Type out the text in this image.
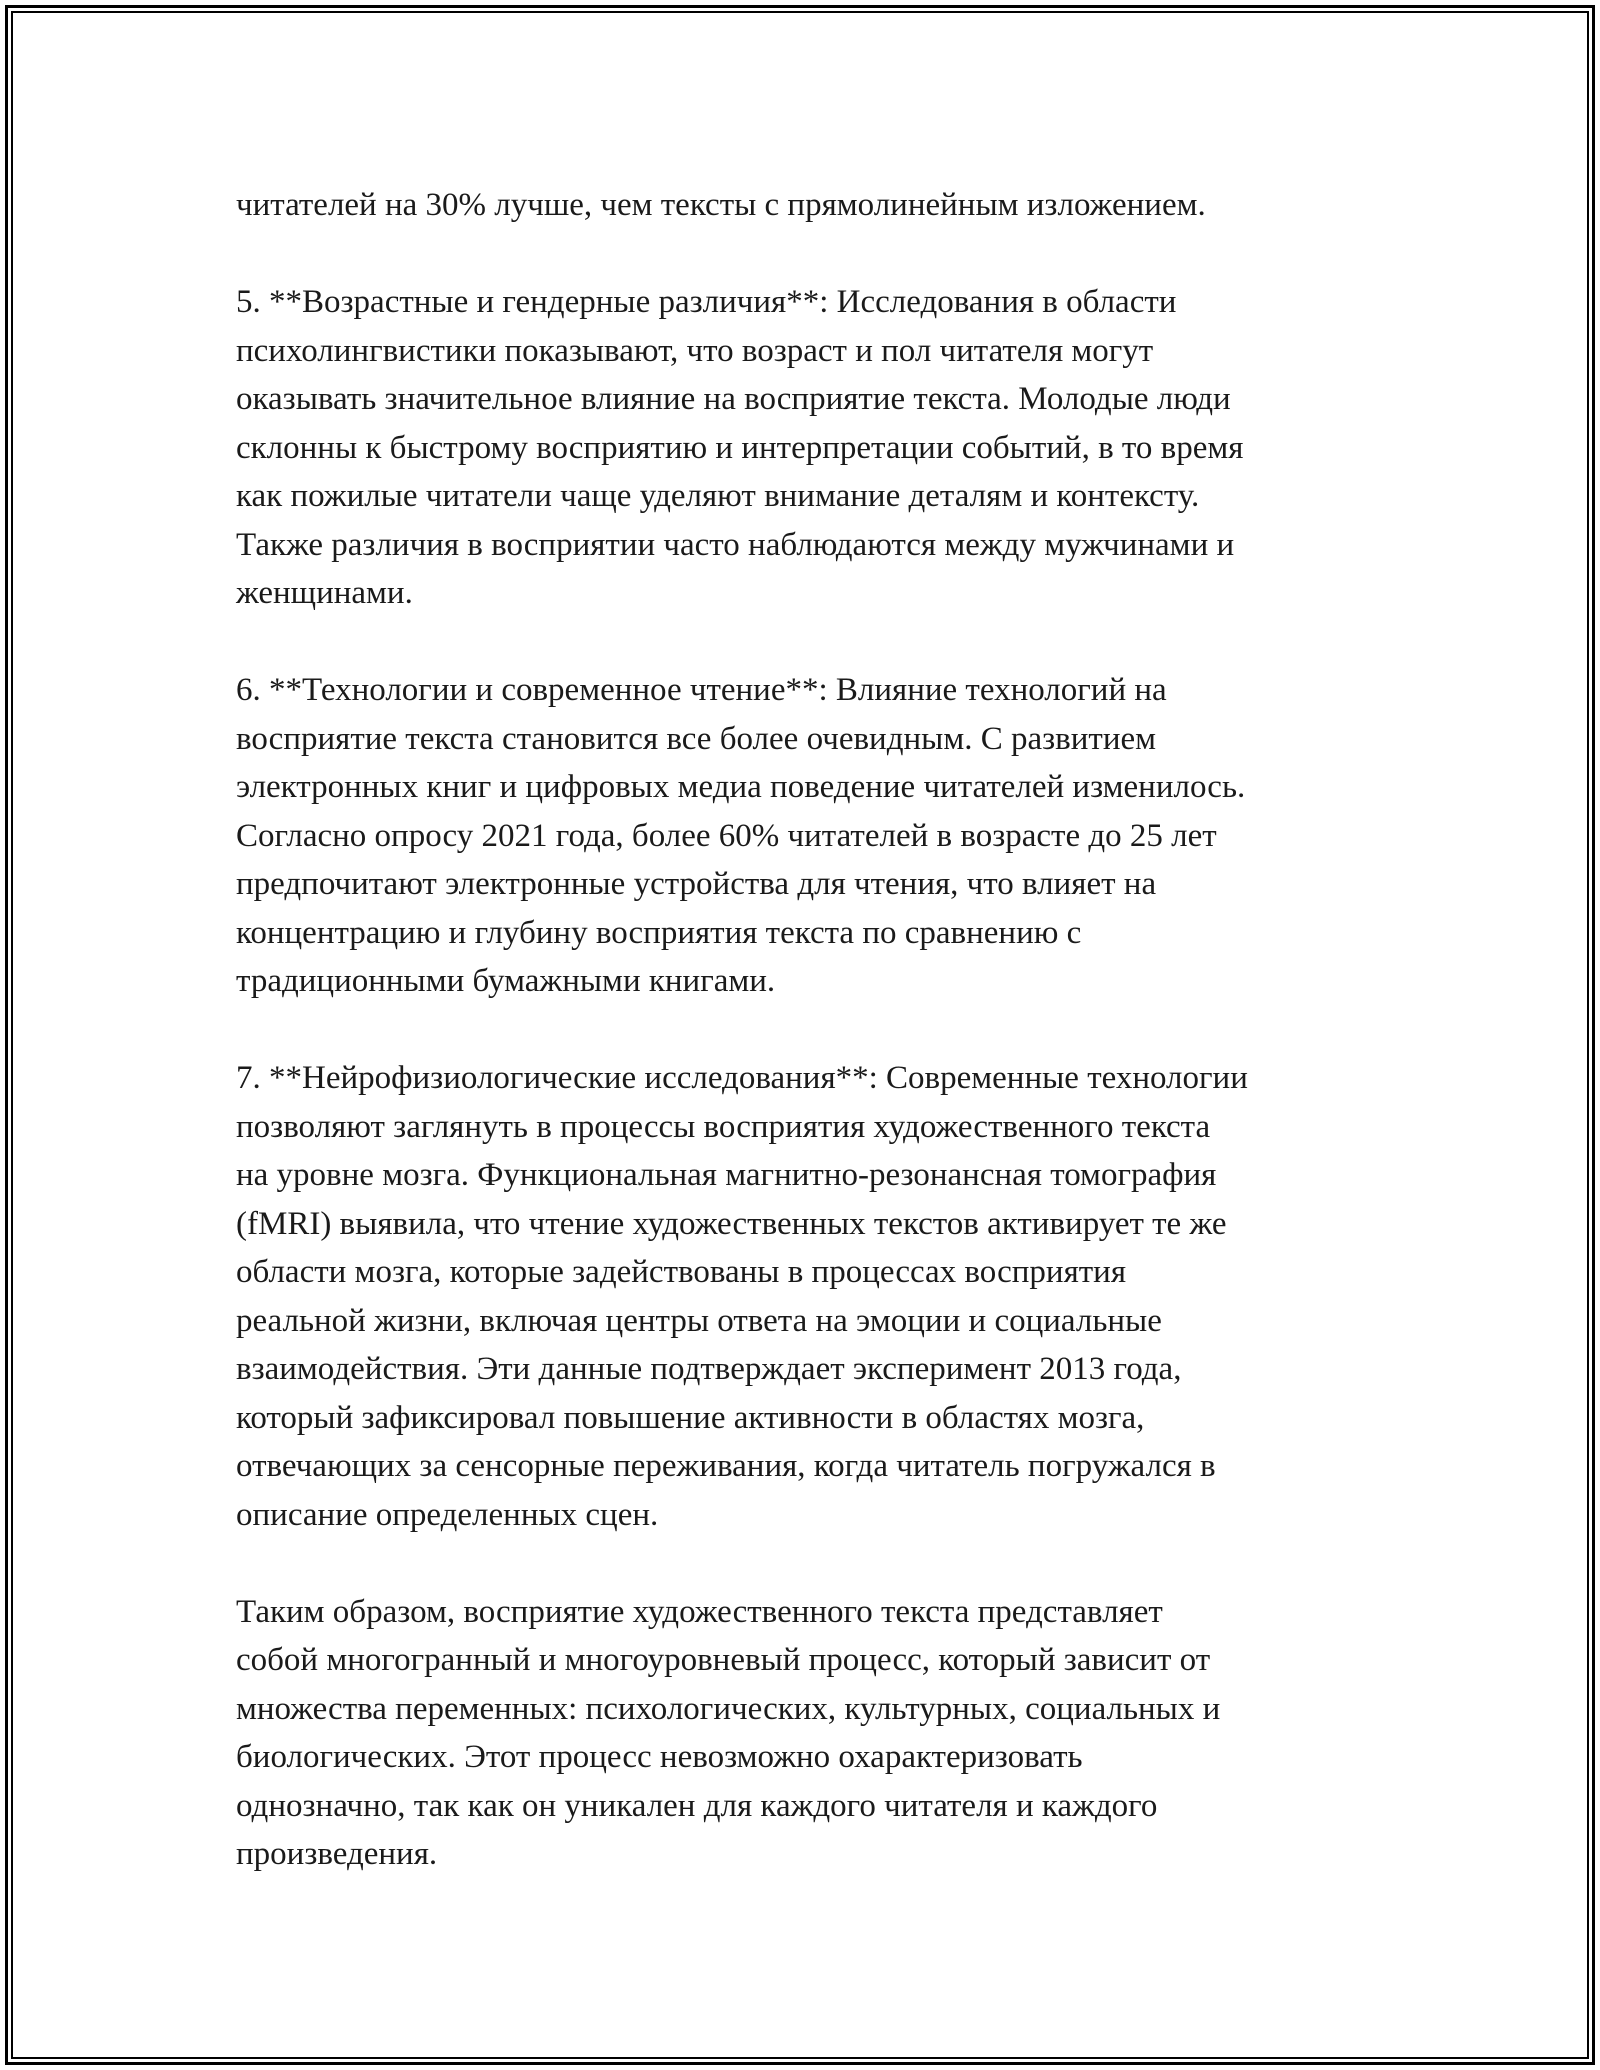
читателей на 30% лучше, чем тексты с прямолинейным изложением.

5. **Возрастные и гендерные различия**: Исследования в области
психолингвистики показывают, что возраст и пол читателя могут
оказывать значительное влияние на восприятие текста. Молодые люди
склонны к быстрому восприятию и интерпретации событий, в то время
как пожилые читатели чаще уделяют внимание деталям и контексту.
Также различия в восприятии часто наблюдаются между мужчинами и
женщинами.

6. **Технологии и современное чтение**: Влияние технологий на
восприятие текста становится все более очевидным. С развитием
электронных книг и цифровых медиа поведение читателей изменилось.
Согласно опросу 2021 года, более 60% читателей в возрасте до 25 лет
предпочитают электронные устройства для чтения, что влияет на
концентрацию и глубину восприятия текста по сравнению с
традиционными бумажными книгами.

7. **Нейрофизиологические исследования**: Современные технологии
позволяют заглянуть в процессы восприятия художественного текста
на уровне мозга. Функциональная магнитно-резонансная томография
(fMRI) выявила, что чтение художественных текстов активирует те же
области мозга, которые задействованы в процессах восприятия
реальной жизни, включая центры ответа на эмоции и социальные
взаимодействия. Эти данные подтверждает эксперимент 2013 года,
который зафиксировал повышение активности в областях мозга,
отвечающих за сенсорные переживания, когда читатель погружался в
описание определенных сцен.

Таким образом, восприятие художественного текста представляет
собой многогранный и многоуровневый процесс, который зависит от
множества переменных: психологических, культурных, социальных и
биологических. Этот процесс невозможно охарактеризовать
однозначно, так как он уникален для каждого читателя и каждого
произведения.
